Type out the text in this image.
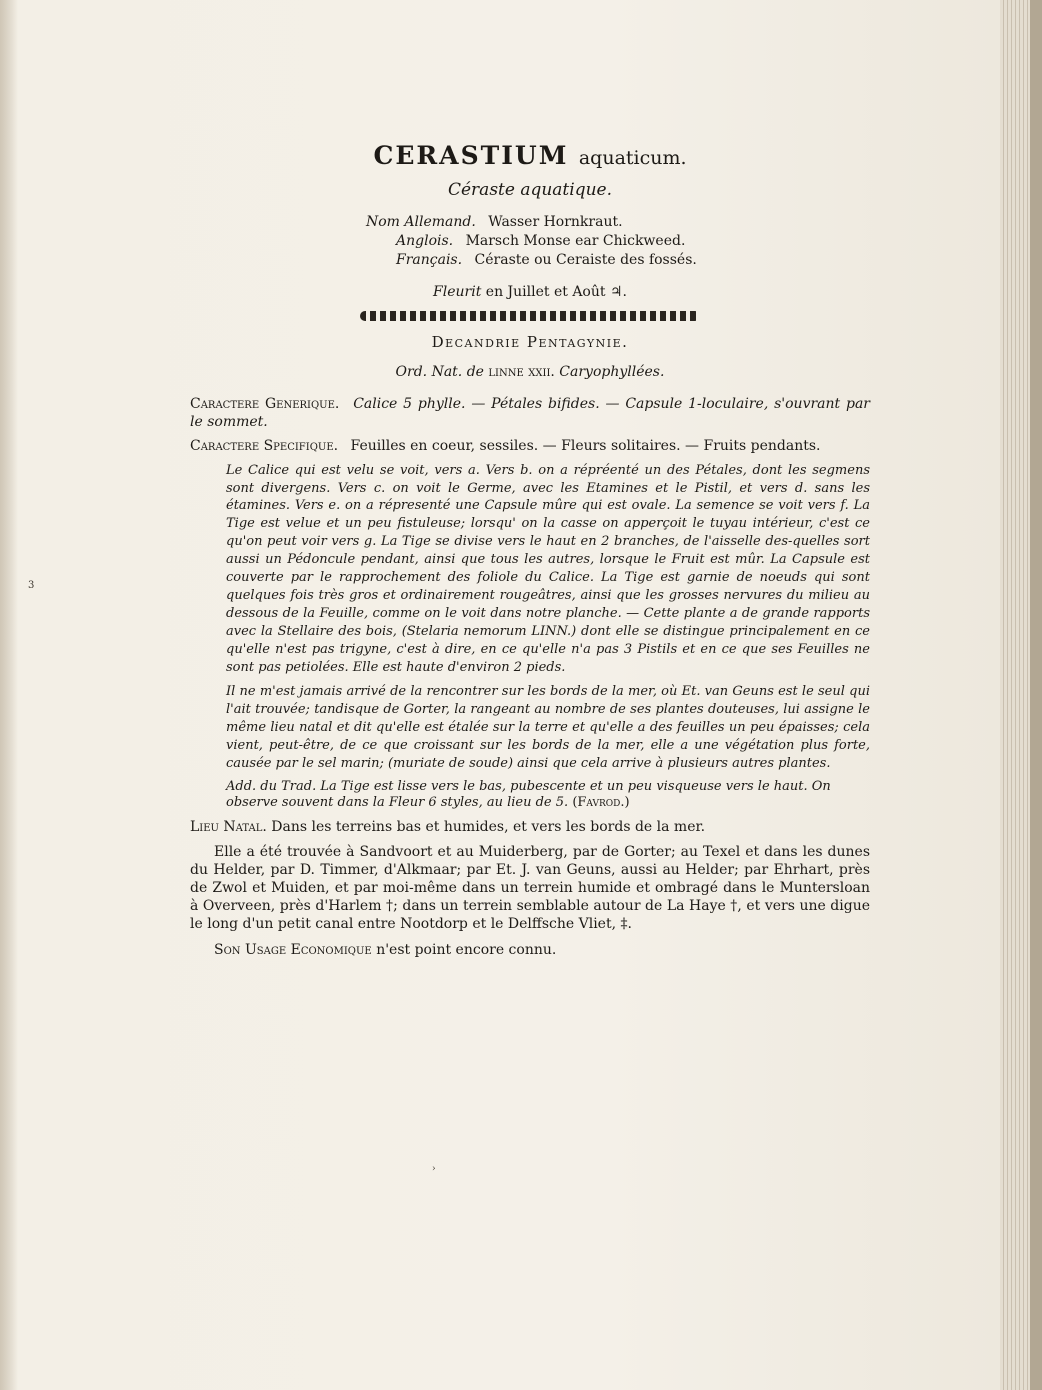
3
CERASTIUM aquaticum.
Céraste aquatique.
Nom Allemand. Wasser Hornkraut.
Anglois. Marsch Monse ear Chickweed.
Français. Céraste ou Ceraiste des fossés.
Fleurit en Juillet et Août ♃.
Decandrie Pentagynie.
Ord. Nat. de linne xxii. Caryophyllées.
Caractere Generique. Calice 5 phylle. — Pétales bifides. — Capsule 1-loculaire, s'ouvrant par le sommet.
Caractere Specifique. Feuilles en coeur, sessiles. — Fleurs solitaires. — Fruits pendants.
Le Calice qui est velu se voit, vers a. Vers b. on a répréenté un des Pétales, dont les segmens sont divergens. Vers c. on voit le Germe, avec les Etamines et le Pistil, et vers d. sans les étamines. Vers e. on a répresenté une Capsule mûre qui est ovale. La semence se voit vers f. La Tige est velue et un peu fistuleuse; lorsqu' on la casse on apperçoit le tuyau intérieur, c'est ce qu'on peut voir vers g. La Tige se divise vers le haut en 2 branches, de l'aisselle des-quelles sort aussi un Pédoncule pendant, ainsi que tous les autres, lorsque le Fruit est mûr. La Capsule est couverte par le rapprochement des foliole du Calice. La Tige est garnie de noeuds qui sont quelques fois très gros et ordinairement rougeâtres, ainsi que les grosses nervures du milieu au dessous de la Feuille, comme on le voit dans notre planche. — Cette plante a de grande rapports avec la Stellaire des bois, (Stelaria nemorum LINN.) dont elle se distingue principalement en ce qu'elle n'est pas trigyne, c'est à dire, en ce qu'elle n'a pas 3 Pistils et en ce que ses Feuilles ne sont pas petiolées. Elle est haute d'environ 2 pieds.
Il ne m'est jamais arrivé de la rencontrer sur les bords de la mer, où Et. van Geuns est le seul qui l'ait trouvée; tandisque de Gorter, la rangeant au nombre de ses plantes douteuses, lui assigne le même lieu natal et dit qu'elle est étalée sur la terre et qu'elle a des feuilles un peu épaisses; cela vient, peut-être, de ce que croissant sur les bords de la mer, elle a une végétation plus forte, causée par le sel marin; (muriate de soude) ainsi que cela arrive à plusieurs autres plantes.
Add. du Trad. La Tige est lisse vers le bas, pubescente et un peu visqueuse vers le haut. On observe souvent dans la Fleur 6 styles, au lieu de 5. (Favrod.)
Lieu Natal. Dans les terreins bas et humides, et vers les bords de la mer.
Elle a été trouvée à Sandvoort et au Muiderberg, par de Gorter; au Texel et dans les dunes du Helder, par D. Timmer, d'Alkmaar; par Et. J. van Geuns, aussi au Helder; par Ehrhart, près de Zwol et Muiden, et par moi-même dans un terrein humide et ombragé dans le Muntersloan à Overveen, près d'Harlem †; dans un terrein semblable autour de La Haye †, et vers une digue le long d'un petit canal entre Nootdorp et le Delffsche Vliet, ‡.
Son Usage Economique n'est point encore connu.
›
